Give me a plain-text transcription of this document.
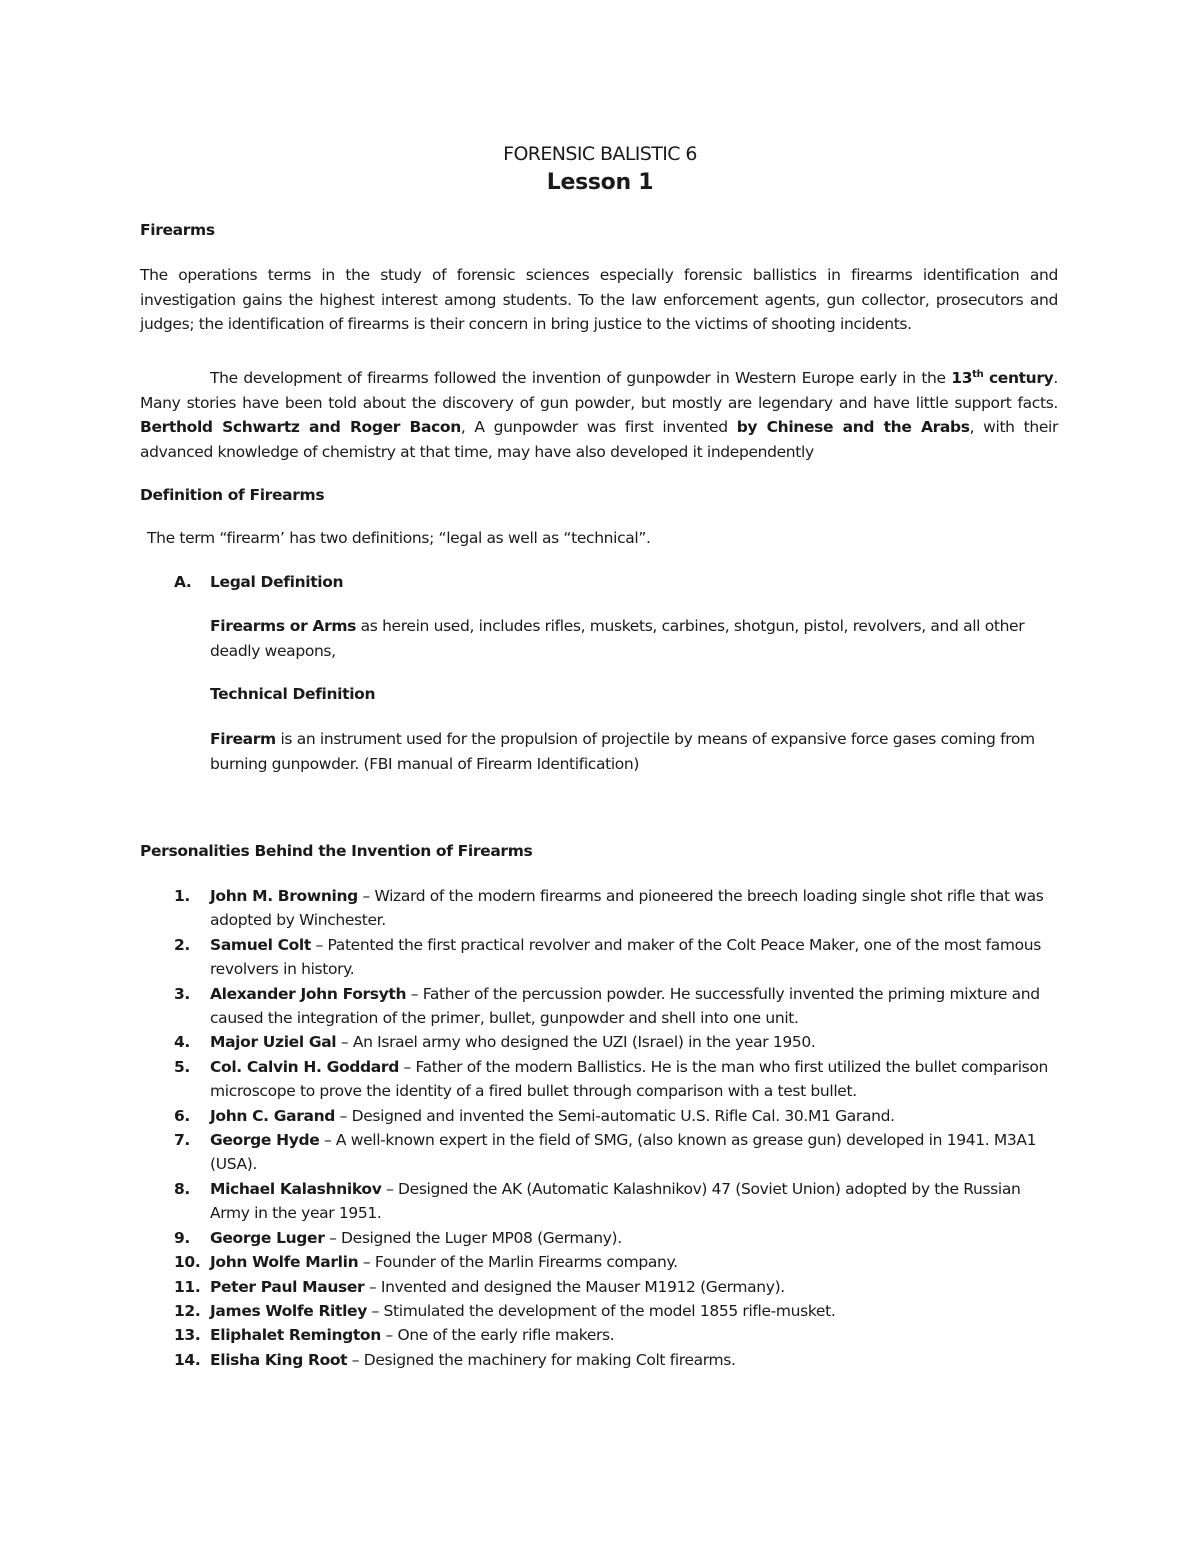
FORENSIC BALISTIC 6
Lesson 1
Firearms

The operations terms in the study of forensic sciences especially forensic ballistics in firearms identification and investigation gains the highest interest among students. To the law enforcement agents, gun collector, prosecutors and judges; the identification of firearms is their concern in bring justice to the victims of shooting incidents.

The development of firearms followed the invention of gunpowder in Western Europe early in the 13th century. Many stories have been told about the discovery of gun powder, but mostly are legendary and have little support facts. Berthold Schwartz and Roger Bacon, A gunpowder was first invented by Chinese and the Arabs, with their advanced knowledge of chemistry at that time, may have also developed it independently

Definition of Firearms
The term “firearm’ has two definitions; “legal as well as “technical”.
A. Legal Definition

Firearms or Arms as herein used, includes rifles, muskets, carbines, shotgun, pistol, revolvers, and all other deadly weapons,

Technical Definition

Firearm is an instrument used for the propulsion of projectile by means of expansive force gases coming from burning gunpowder. (FBI manual of Firearm Identification)

Personalities Behind the Invention of Firearms
1. John M. Browning – Wizard of the modern firearms and pioneered the breech loading single shot rifle that was adopted by Winchester.
2. Samuel Colt – Patented the first practical revolver and maker of the Colt Peace Maker, one of the most famous revolvers in history.
3. Alexander John Forsyth – Father of the percussion powder. He successfully invented the priming mixture and caused the integration of the primer, bullet, gunpowder and shell into one unit.
4. Major Uziel Gal – An Israel army who designed the UZI (Israel) in the year 1950.
5. Col. Calvin H. Goddard – Father of the modern Ballistics. He is the man who first utilized the bullet comparison microscope to prove the identity of a fired bullet through comparison with a test bullet.
6. John C. Garand – Designed and invented the Semi-automatic U.S. Rifle Cal. 30.M1 Garand.
7. George Hyde – A well-known expert in the field of SMG, (also known as grease gun) developed in 1941. M3A1 (USA).
8. Michael Kalashnikov – Designed the AK (Automatic Kalashnikov) 47 (Soviet Union) adopted by the Russian Army in the year 1951.
9. George Luger – Designed the Luger MP08 (Germany).
10. John Wolfe Marlin – Founder of the Marlin Firearms company.
11. Peter Paul Mauser – Invented and designed the Mauser M1912 (Germany).
12. James Wolfe Ritley – Stimulated the development of the model 1855 rifle-musket.
13. Eliphalet Remington – One of the early rifle makers.
14. Elisha King Root – Designed the machinery for making Colt firearms.
